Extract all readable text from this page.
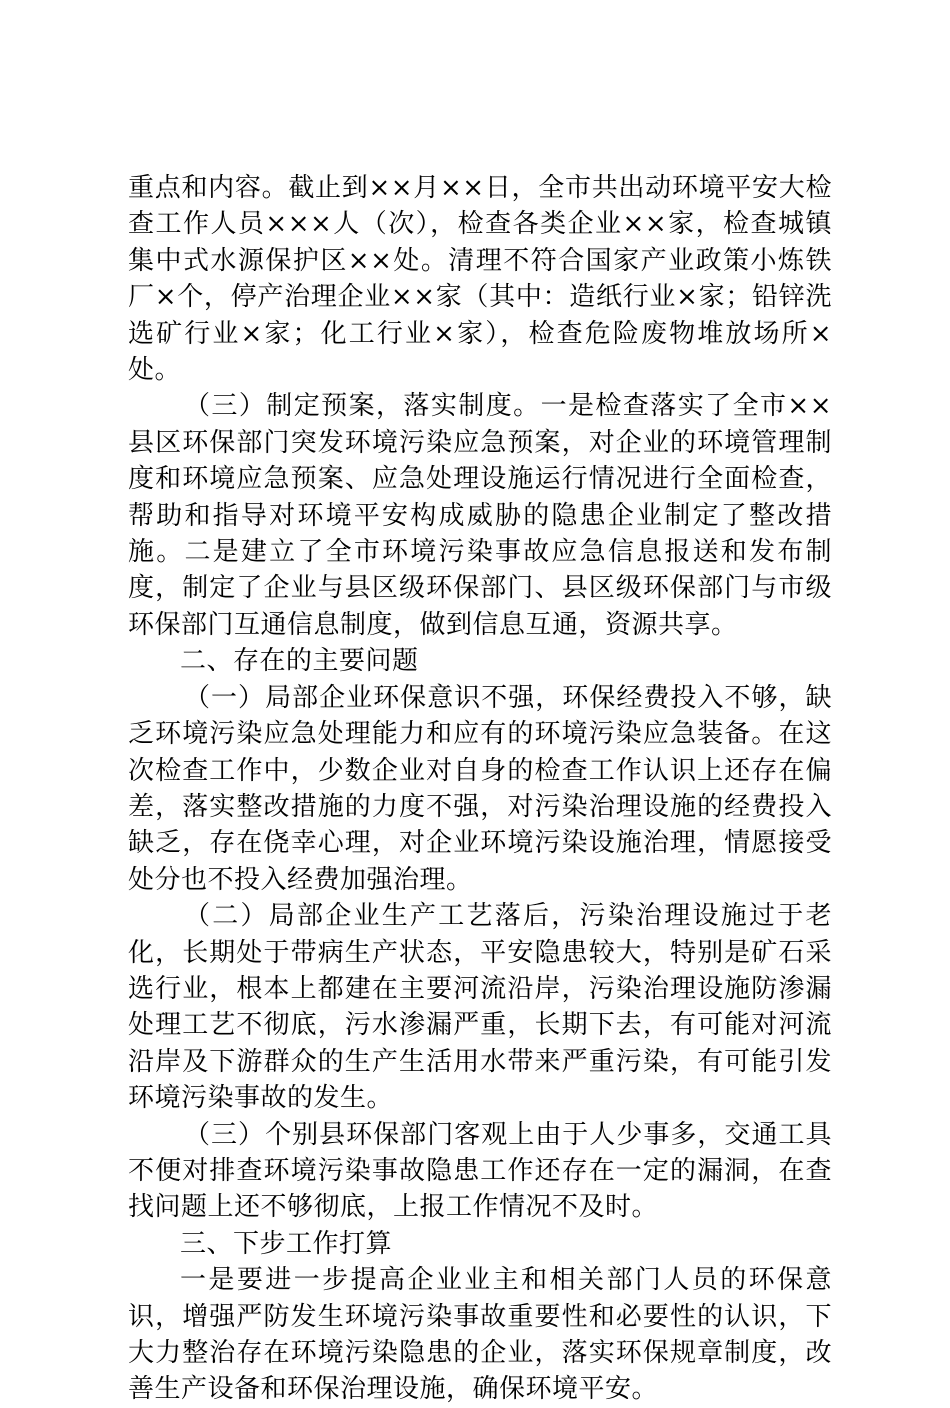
重点和内容。截止到××月××日，全市共出动环境平安大检查工作人员×××人（次），检查各类企业××家，检查城镇集中式水源保护区××处。清理不符合国家产业政策小炼铁厂×个，停产治理企业××家（其中：造纸行业×家；铅锌洗选矿行业×家；化工行业×家），检查危险废物堆放场所×处。

（三）制定预案，落实制度。一是检查落实了全市××县区环保部门突发环境污染应急预案，对企业的环境管理制度和环境应急预案、应急处理设施运行情况进行全面检查，帮助和指导对环境平安构成威胁的隐患企业制定了整改措施。二是建立了全市环境污染事故应急信息报送和发布制度，制定了企业与县区级环保部门、县区级环保部门与市级环保部门互通信息制度，做到信息互通，资源共享。

二、存在的主要问题

（一）局部企业环保意识不强，环保经费投入不够，缺乏环境污染应急处理能力和应有的环境污染应急装备。在这次检查工作中，少数企业对自身的检查工作认识上还存在偏差，落实整改措施的力度不强，对污染治理设施的经费投入缺乏，存在侥幸心理，对企业环境污染设施治理，情愿接受处分也不投入经费加强治理。

（二）局部企业生产工艺落后，污染治理设施过于老化，长期处于带病生产状态，平安隐患较大，特别是矿石采选行业，根本上都建在主要河流沿岸，污染治理设施防渗漏处理工艺不彻底，污水渗漏严重，长期下去，有可能对河流沿岸及下游群众的生产生活用水带来严重污染，有可能引发环境污染事故的发生。

（三）个别县环保部门客观上由于人少事多，交通工具不便对排查环境污染事故隐患工作还存在一定的漏洞，在查找问题上还不够彻底，上报工作情况不及时。

三、下步工作打算

一是要进一步提高企业业主和相关部门人员的环保意识，增强严防发生环境污染事故重要性和必要性的认识，下大力整治存在环境污染隐患的企业，落实环保规章制度，改善生产设备和环保治理设施，确保环境平安。
